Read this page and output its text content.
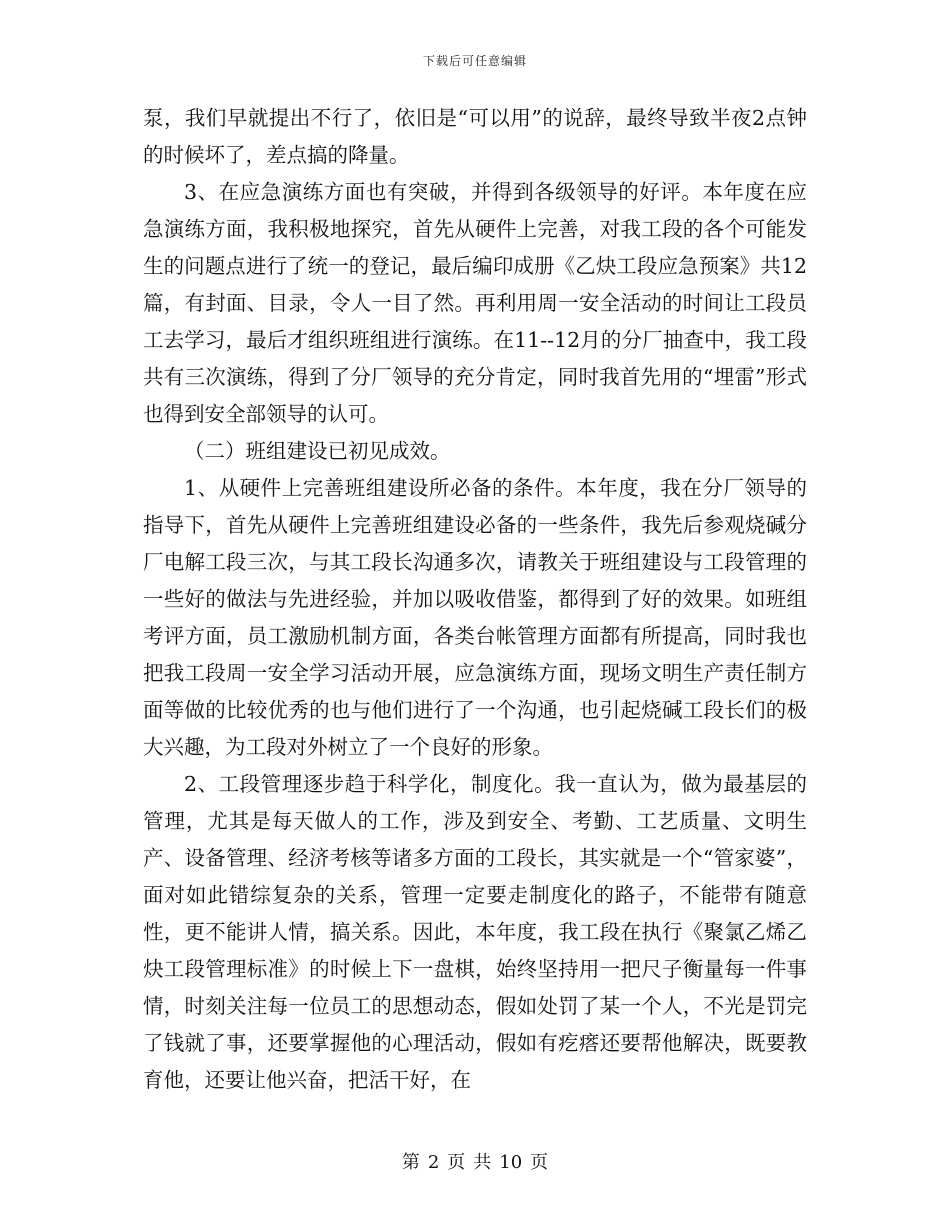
下载后可任意编辑

泵，我们早就提出不行了，依旧是“可以用”的说辞，最终导致半夜2点钟的时候坏了，差点搞的降量。

3、在应急演练方面也有突破，并得到各级领导的好评。本年度在应急演练方面，我积极地探究，首先从硬件上完善，对我工段的各个可能发生的问题点进行了统一的登记，最后编印成册《乙炔工段应急预案》共12篇，有封面、目录，令人一目了然。再利用周一安全活动的时间让工段员工去学习，最后才组织班组进行演练。在11--12月的分厂抽查中，我工段共有三次演练，得到了分厂领导的充分肯定，同时我首先用的“埋雷”形式也得到安全部领导的认可。

（二）班组建设已初见成效。

1、从硬件上完善班组建设所必备的条件。本年度，我在分厂领导的指导下，首先从硬件上完善班组建设必备的一些条件，我先后参观烧碱分厂电解工段三次，与其工段长沟通多次，请教关于班组建设与工段管理的一些好的做法与先进经验，并加以吸收借鉴，都得到了好的效果。如班组考评方面，员工激励机制方面，各类台帐管理方面都有所提高，同时我也把我工段周一安全学习活动开展，应急演练方面，现场文明生产责任制方面等做的比较优秀的也与他们进行了一个沟通，也引起烧碱工段长们的极大兴趣，为工段对外树立了一个良好的形象。

2、工段管理逐步趋于科学化，制度化。我一直认为，做为最基层的管理，尤其是每天做人的工作，涉及到安全、考勤、工艺质量、文明生产、设备管理、经济考核等诸多方面的工段长，其实就是一个“管家婆”，面对如此错综复杂的关系，管理一定要走制度化的路子，不能带有随意性，更不能讲人情，搞关系。因此，本年度，我工段在执行《聚氯乙烯乙炔工段管理标准》的时候上下一盘棋，始终坚持用一把尺子衡量每一件事情，时刻关注每一位员工的思想动态，假如处罚了某一个人，不光是罚完了钱就了事，还要掌握他的心理活动，假如有疙瘩还要帮他解决，既要教育他，还要让他兴奋，把活干好，在

第 2 页 共 10 页
